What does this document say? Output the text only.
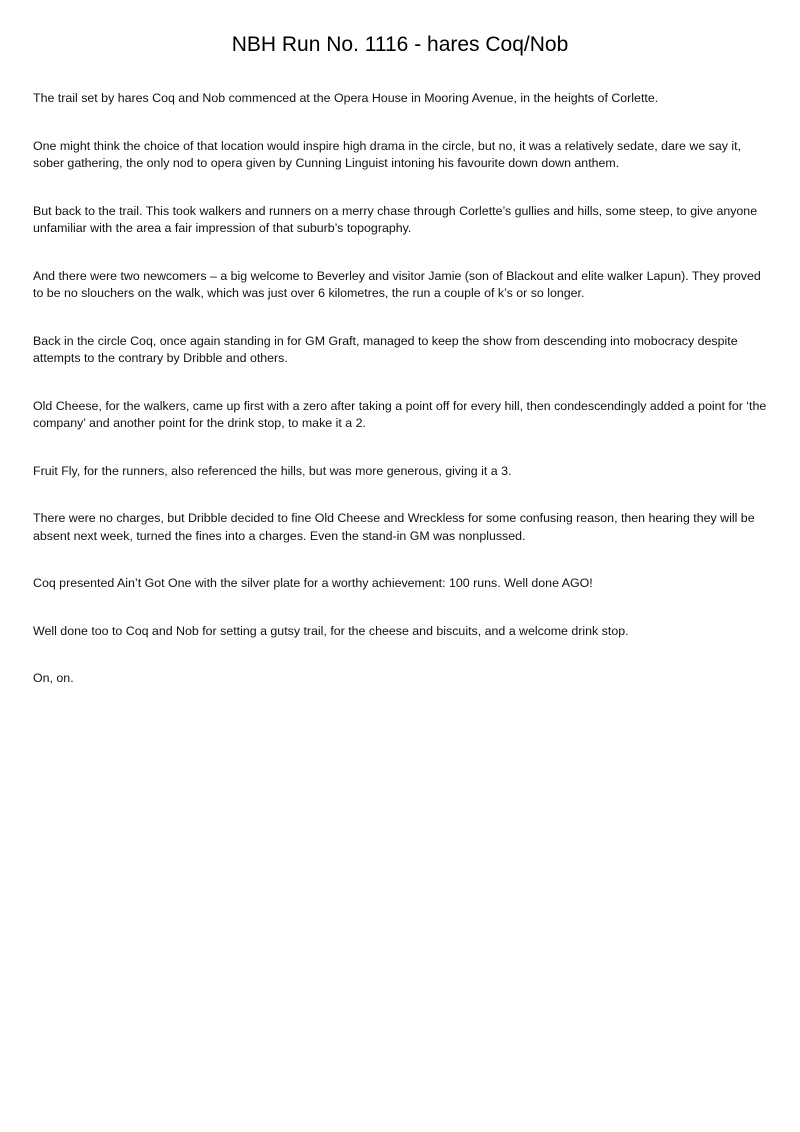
NBH Run No. 1116 - hares Coq/Nob

The trail set by hares Coq and Nob commenced at the Opera House in Mooring Avenue, in the heights of Corlette.

One might think the choice of that location would inspire high drama in the circle, but no, it was a relatively sedate, dare we say it, sober gathering, the only nod to opera given by Cunning Linguist intoning his favourite down down anthem.

But back to the trail. This took walkers and runners on a merry chase through Corlette’s gullies and hills, some steep, to give anyone unfamiliar with the area a fair impression of that suburb’s topography.

And there were two newcomers – a big welcome to Beverley and visitor Jamie (son of Blackout and elite walker Lapun). They proved to be no slouchers on the walk, which was just over 6 kilometres, the run a couple of k’s or so longer.

Back in the circle Coq, once again standing in for GM Graft, managed to keep the show from descending into mobocracy despite attempts to the contrary by Dribble and others.

Old Cheese, for the walkers, came up first with a zero after taking a point off for every hill, then condescendingly added a point for ‘the company’ and another point for the drink stop, to make it a 2.

Fruit Fly, for the runners, also referenced the hills, but was more generous, giving it a 3.

There were no charges, but Dribble decided to fine Old Cheese and Wreckless for some confusing reason, then hearing they will be absent next week, turned the fines into a charges. Even the stand-in GM was nonplussed.

Coq presented Ain’t Got One with the silver plate for a worthy achievement: 100 runs. Well done AGO!

Well done too to Coq and Nob for setting a gutsy trail, for the cheese and biscuits, and a welcome drink stop.

On, on.
